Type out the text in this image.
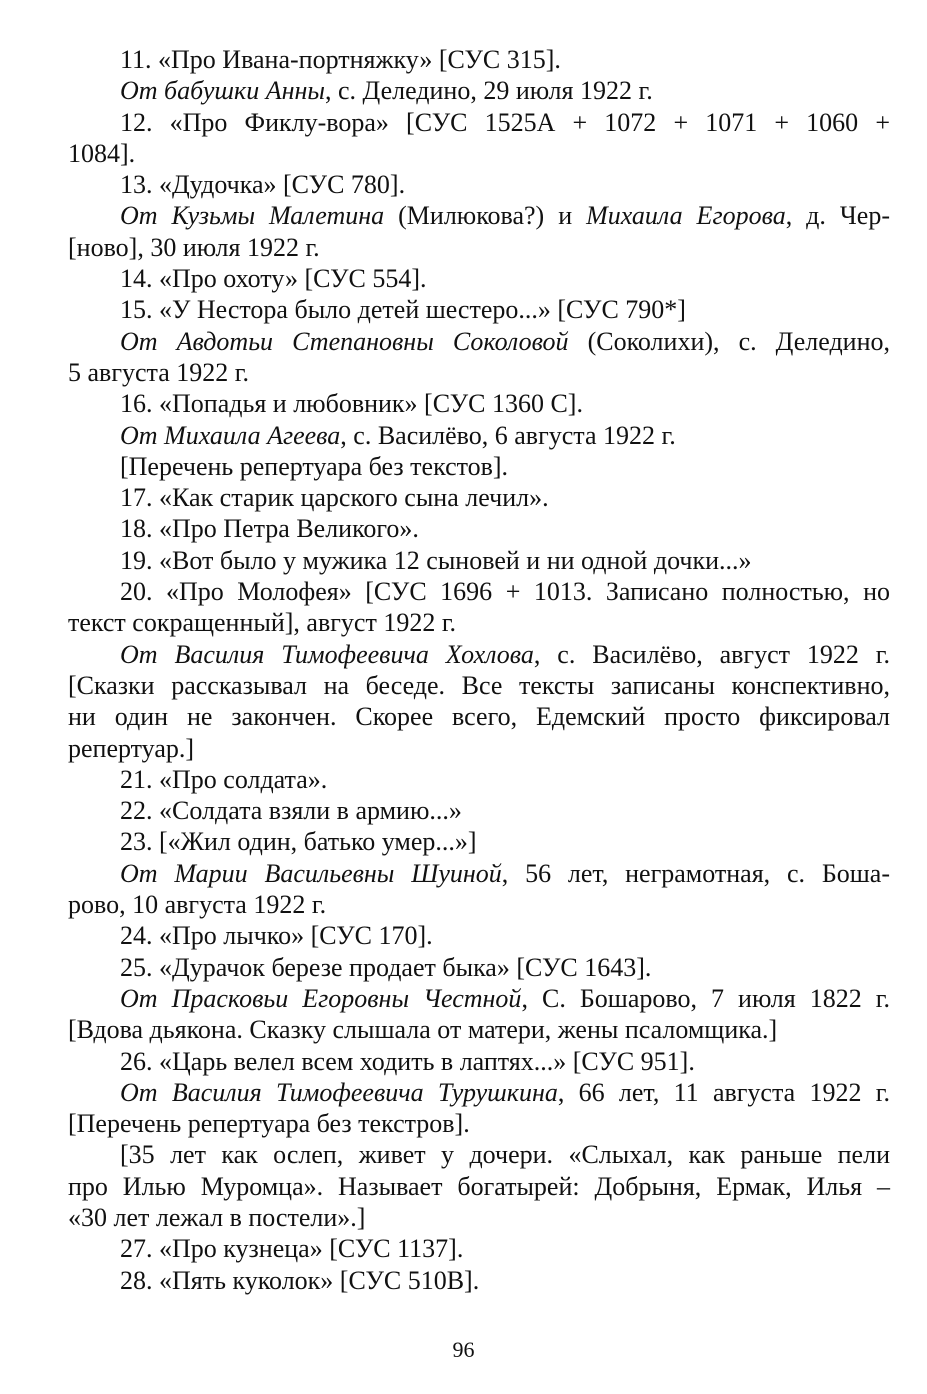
11. «Про Ивана-портняжку» [СУС 315].
От бабушки Анны, с. Деледино, 29 июля 1922 г.
12. «Про Фиклу-вора» [СУС 1525А + 1072 + 1071 + 1060 +
1084].
13. «Дудочка» [СУС 780].
От Кузьмы Малетина (Милюкова?) и Михаила Егорова, д. Чер-
[ново], 30 июля 1922 г.
14. «Про охоту» [СУС 554].
15. «У Нестора было детей шестеро...» [СУС 790*]
От Авдотьи Степановны Соколовой (Соколихи), с. Деледино,
5 августа 1922 г.
16. «Попадья и любовник» [СУС 1360 С].
От Михаила Агеева, с. Василёво, 6 августа 1922 г.
[Перечень репертуара без текстов].
17. «Как старик царского сына лечил».
18. «Про Петра Великого».
19. «Вот было у мужика 12 сыновей и ни одной дочки...»
20. «Про Молофея» [СУС 1696 + 1013. Записано полностью, но
текст сокращенный], август 1922 г.
От Василия Тимофеевича Хохлова, с. Василёво, август 1922 г.
[Сказки рассказывал на беседе. Все тексты записаны конспективно,
ни один не закончен. Скорее всего, Едемский просто фиксировал
репертуар.]
21. «Про солдата».
22. «Солдата взяли в армию...»
23. [«Жил один, батько умер...»]
От Марии Васильевны Шуиной, 56 лет, неграмотная, с. Боша-
рово, 10 августа 1922 г.
24. «Про лычко» [СУС 170].
25. «Дурачок березе продает быка» [СУС 1643].
От Прасковьи Егоровны Честной, С. Бошарово, 7 июля 1822 г.
[Вдова дьякона. Сказку слышала от матери, жены псаломщика.]
26. «Царь велел всем ходить в лаптях...» [СУС 951].
От Василия Тимофеевича Турушкина, 66 лет, 11 августа 1922 г.
[Перечень репертуара без текстров].
[35 лет как ослеп, живет у дочери. «Слыхал, как раньше пели
про Илью Муромца». Называет богатырей: Добрыня, Ермак, Илья –
«30 лет лежал в постели».]
27. «Про кузнеца» [СУС 1137].
28. «Пять куколок» [СУС 510В].
96
